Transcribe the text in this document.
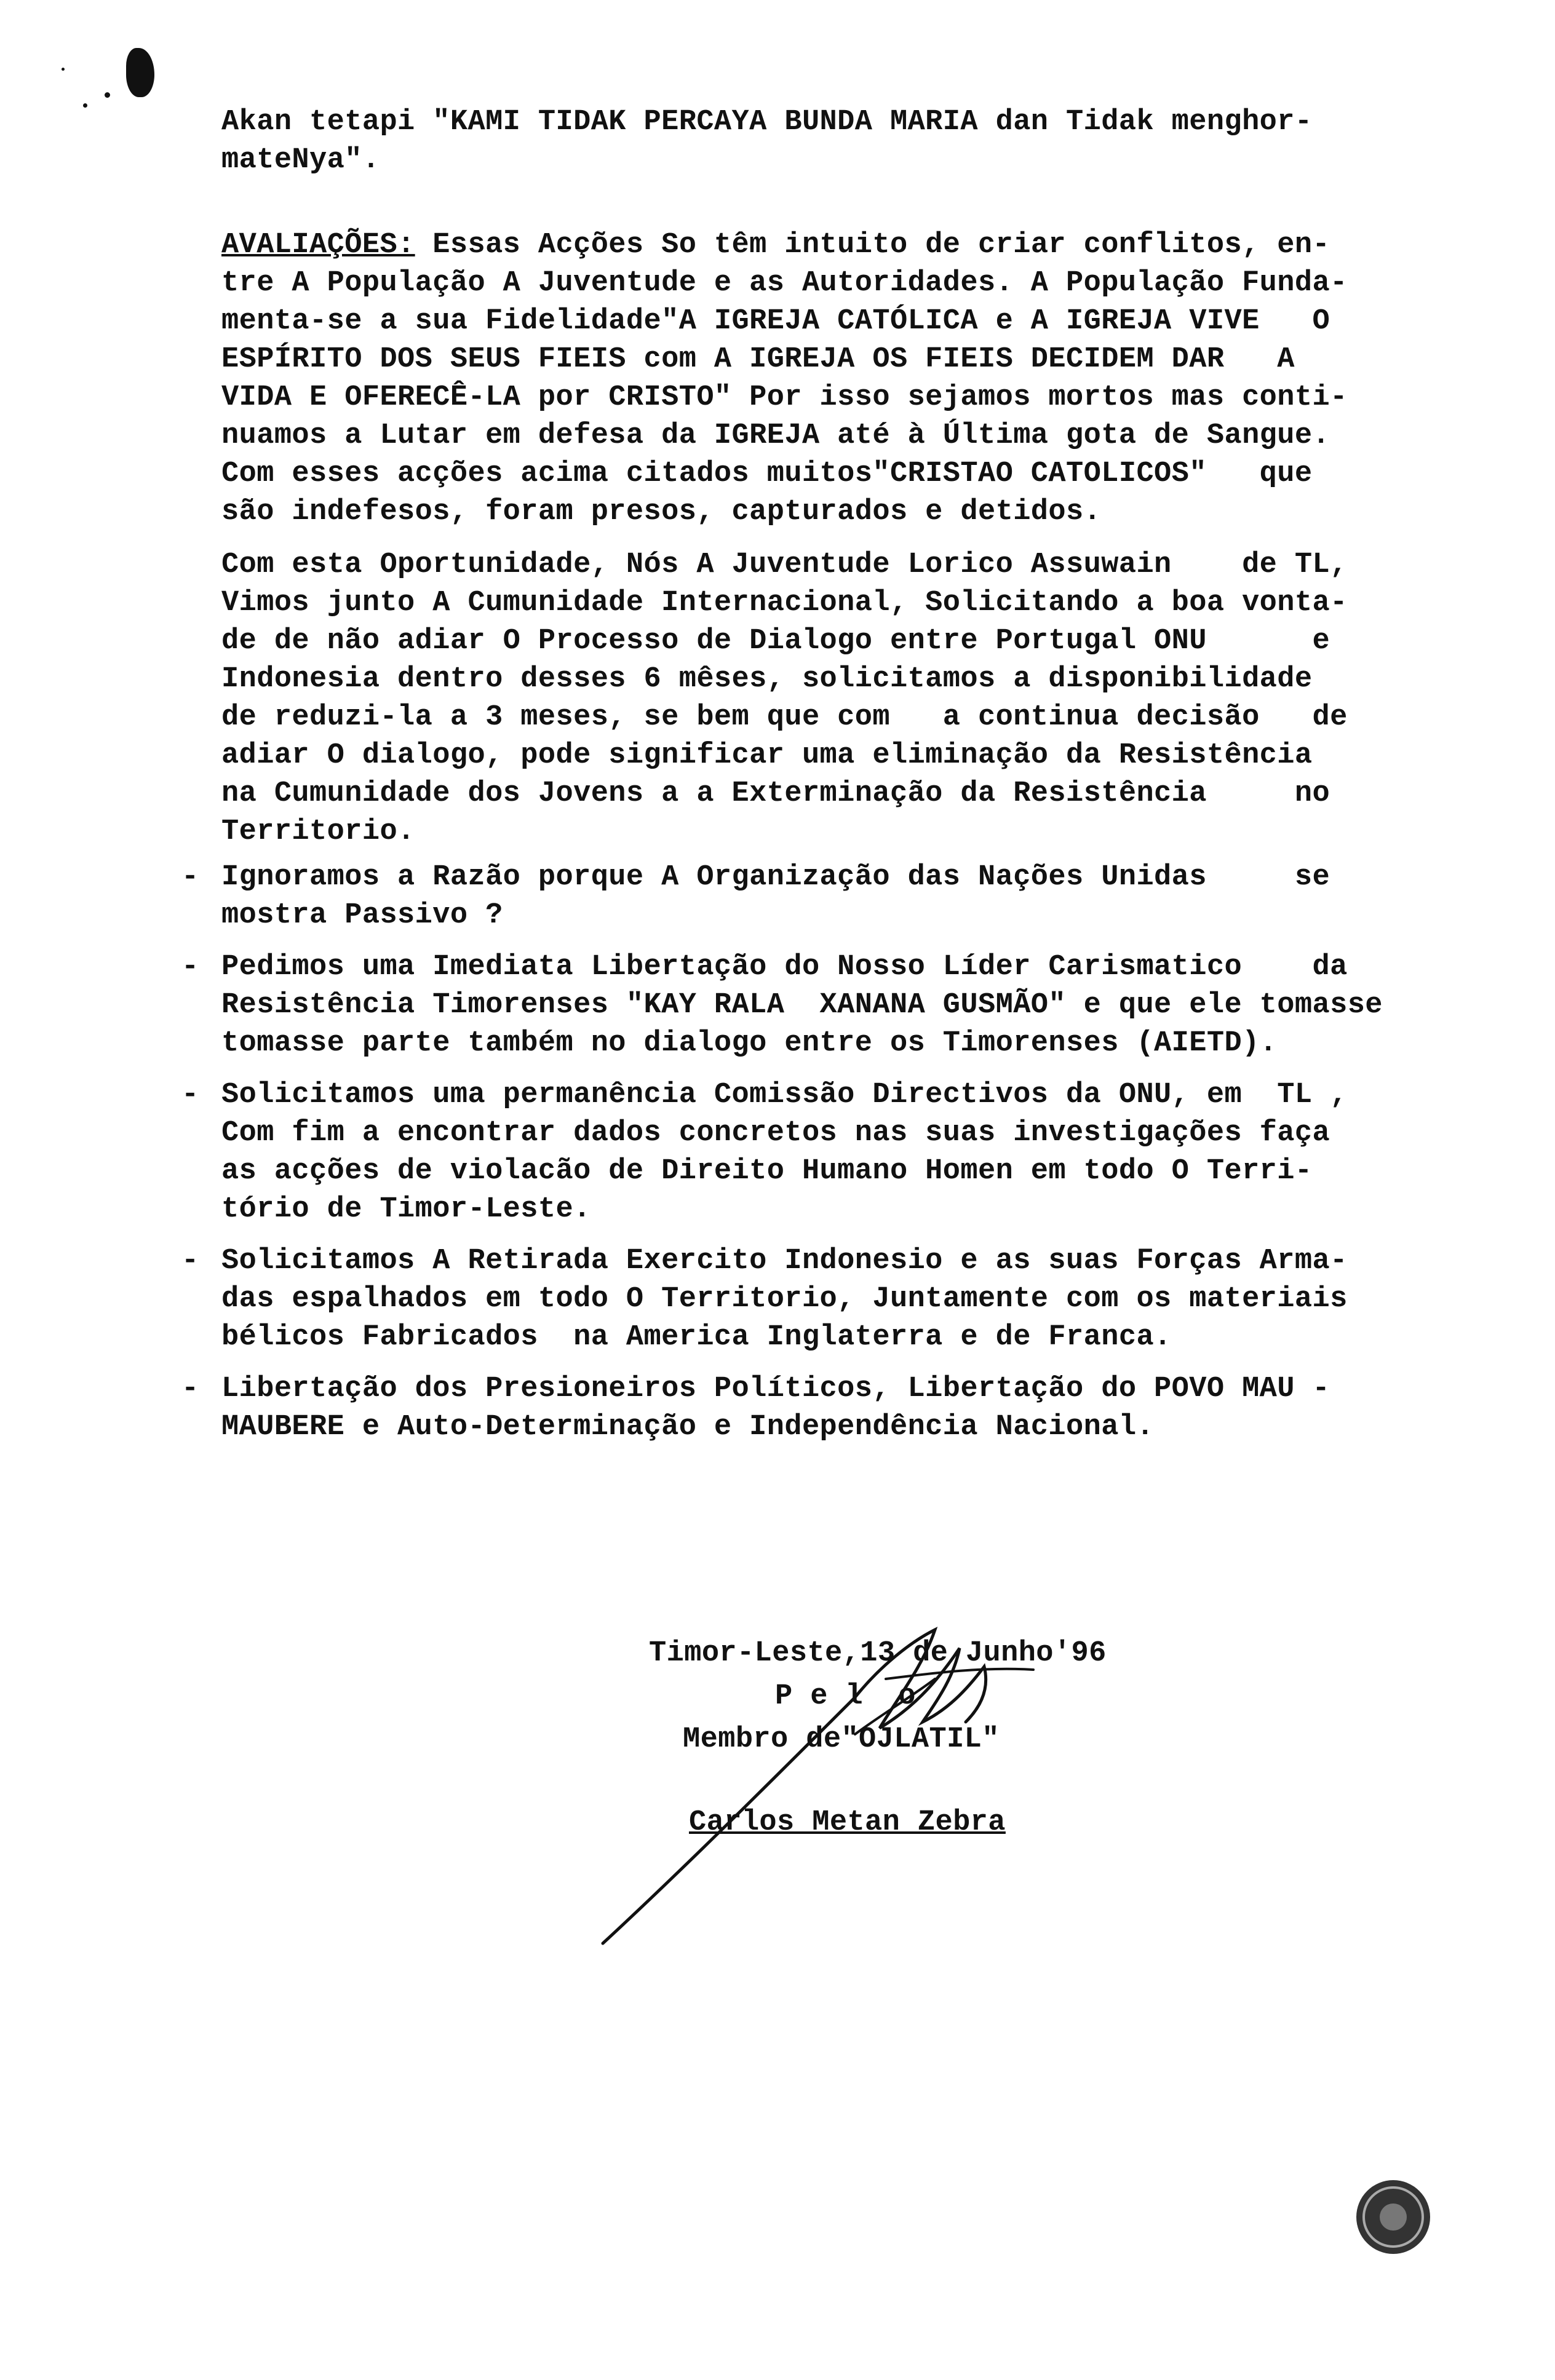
Akan tetapi "KAMI TIDAK PERCAYA BUNDA MARIA dan Tidak menghor-
mateNya".
AVALIAÇÕES: Essas Acções So têm intuito de criar conflitos, en-
tre A População A Juventude e as Autoridades. A População Funda-
menta-se a sua Fidelidade"A IGREJA CATÓLICA e A IGREJA VIVE   O
ESPÍRITO DOS SEUS FIEIS com A IGREJA OS FIEIS DECIDEM DAR   A
VIDA E OFERECÊ-LA por CRISTO" Por isso sejamos mortos mas conti-
nuamos a Lutar em defesa da IGREJA até à Última gota de Sangue.
Com esses acções acima citados muitos"CRISTAO CATOLICOS"   que
são indefesos, foram presos, capturados e detidos.
Com esta Oportunidade, Nós A Juventude Lorico Assuwain    de TL,
Vimos junto A Cumunidade Internacional, Solicitando a boa vonta-
de de não adiar O Processo de Dialogo entre Portugal ONU      e
Indonesia dentro desses 6 mêses, solicitamos a disponibilidade
de reduzi-la a 3 meses, se bem que com   a continua decisão   de
adiar O dialogo, pode significar uma eliminação da Resistência
na Cumunidade dos Jovens a a Exterminação da Resistência     no
Territorio.
- Ignoramos a Razão porque A Organização das Nações Unidas     se
mostra Passivo ?
- Pedimos uma Imediata Libertação do Nosso Líder Carismatico    da
Resistência Timorenses "KAY RALA  XANANA GUSMÃO" e que ele tomasse
tomasse parte também no dialogo entre os Timorenses (AIETD).
- Solicitamos uma permanência Comissão Directivos da ONU, em  TL ,
Com fim a encontrar dados concretos nas suas investigações faça
as acções de violacão de Direito Humano Homen em todo O Terri-
tório de Timor-Leste.
- Solicitamos A Retirada Exercito Indonesio e as suas Forças Arma-
das espalhados em todo O Territorio, Juntamente com os materiais
bélicos Fabricados  na America Inglaterra e de Franca.
- Libertação dos Presioneiros Políticos, Libertação do POVO MAU -
MAUBERE e Auto-Determinação e Independência Nacional.
Timor-Leste,13 de Junho'96
P e l  o
Membro de"OJLATIL"
Carlos Metan Zebra
